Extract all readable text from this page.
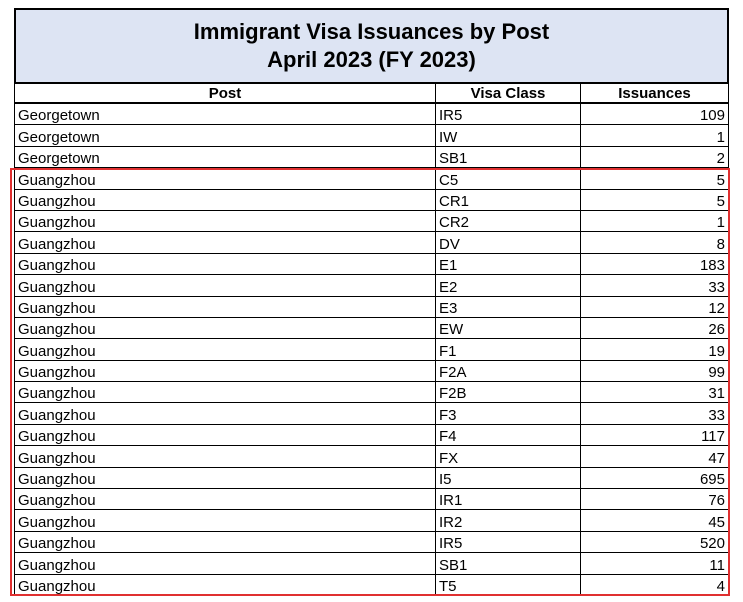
Immigrant Visa Issuances by Post
April 2023 (FY 2023)
Post	Visa Class	Issuances
Georgetown	IR5	109
Georgetown	IW	1
Georgetown	SB1	2
Guangzhou	C5	5
Guangzhou	CR1	5
Guangzhou	CR2	1
Guangzhou	DV	8
Guangzhou	E1	183
Guangzhou	E2	33
Guangzhou	E3	12
Guangzhou	EW	26
Guangzhou	F1	19
Guangzhou	F2A	99
Guangzhou	F2B	31
Guangzhou	F3	33
Guangzhou	F4	117
Guangzhou	FX	47
Guangzhou	I5	695
Guangzhou	IR1	76
Guangzhou	IR2	45
Guangzhou	IR5	520
Guangzhou	SB1	11
Guangzhou	T5	4
